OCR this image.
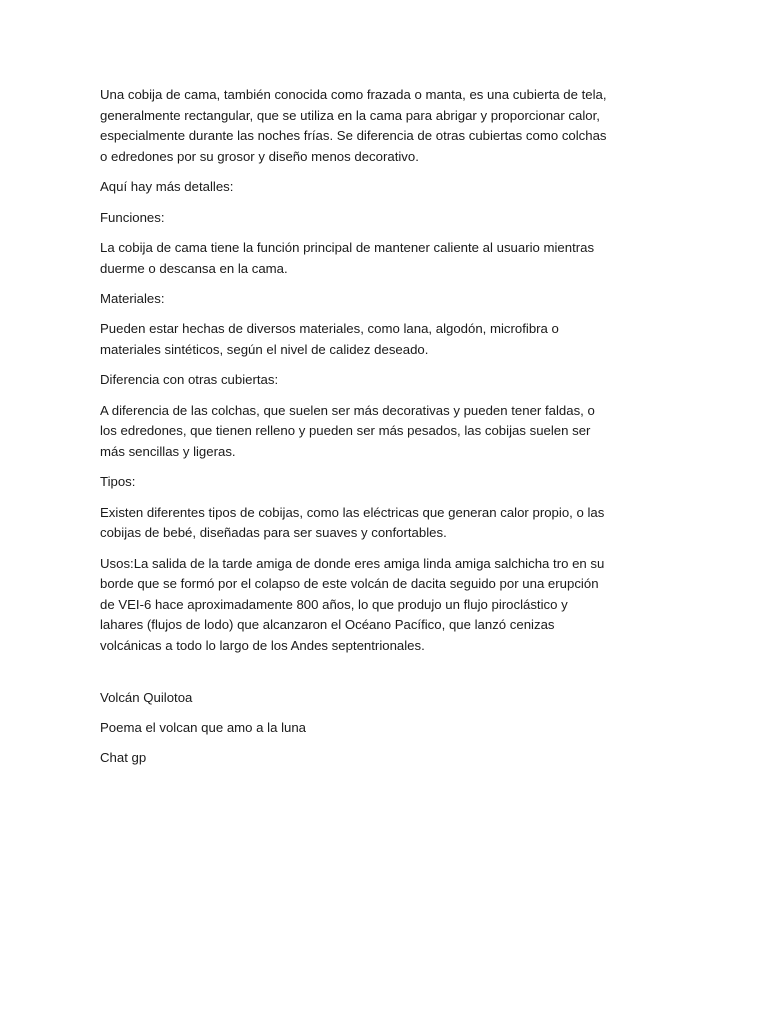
Una cobija de cama, también conocida como frazada o manta, es una cubierta de tela, generalmente rectangular, que se utiliza en la cama para abrigar y proporcionar calor, especialmente durante las noches frías. Se diferencia de otras cubiertas como colchas o edredones por su grosor y diseño menos decorativo.

Aquí hay más detalles:

Funciones:

La cobija de cama tiene la función principal de mantener caliente al usuario mientras duerme o descansa en la cama.

Materiales:

Pueden estar hechas de diversos materiales, como lana, algodón, microfibra o materiales sintéticos, según el nivel de calidez deseado.

Diferencia con otras cubiertas:

A diferencia de las colchas, que suelen ser más decorativas y pueden tener faldas, o los edredones, que tienen relleno y pueden ser más pesados, las cobijas suelen ser más sencillas y ligeras.

Tipos:

Existen diferentes tipos de cobijas, como las eléctricas que generan calor propio, o las cobijas de bebé, diseñadas para ser suaves y confortables.

Usos:La salida de la tarde amiga de donde eres amiga linda amiga salchicha tro en su borde que se formó por el colapso de este volcán de dacita seguido por una erupción de VEI-6 hace aproximadamente 800 años, lo que produjo un flujo piroclástico y lahares (flujos de lodo) que alcanzaron el Océano Pacífico, que lanzó cenizas volcánicas a todo lo largo de los Andes septentrionales.

Volcán Quilotoa

Poema el volcan que amo a la luna

Chat gp
